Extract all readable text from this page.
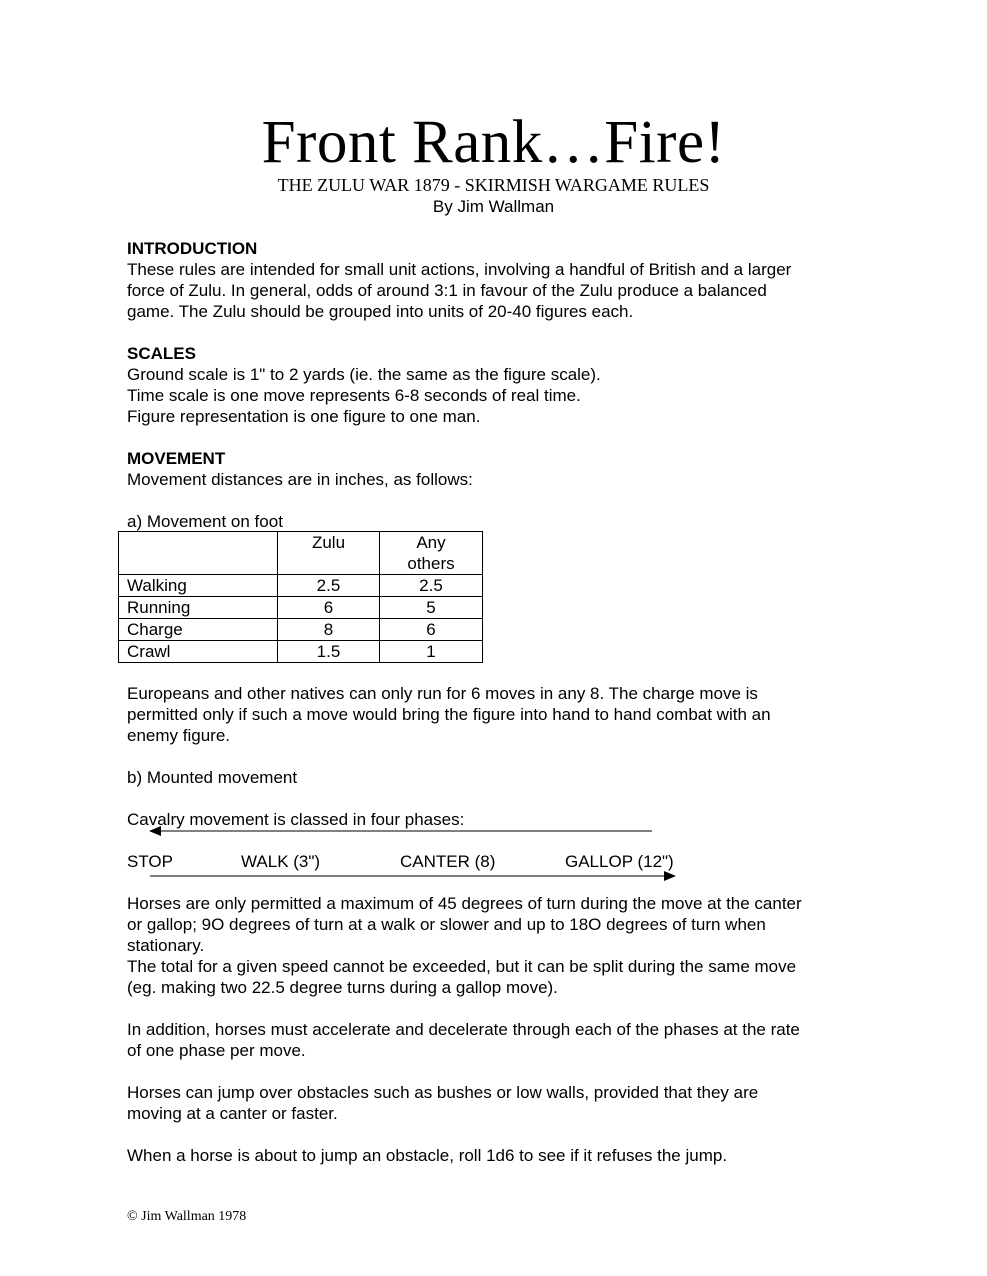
Front Rank…Fire!
THE ZULU WAR 1879 - SKIRMISH WARGAME RULES
By Jim Wallman
INTRODUCTION
These rules are intended for small unit actions, involving a handful of British and a larger
force of Zulu. In general, odds of around 3:1 in favour of the Zulu produce a balanced
game. The Zulu should be grouped into units of 20-40 figures each.
SCALES
Ground scale is 1" to 2 yards (ie. the same as the figure scale).
Time scale is one move represents 6-8 seconds of real time.
Figure representation is one figure to one man.
MOVEMENT
Movement distances are in inches, as follows:
a) Movement on foot
	Zulu	Any others

Walking	2.5	2.5
Running	6	5
Charge	8	6
Crawl	1.5	1
Europeans and other natives can only run for 6 moves in any 8. The charge move is
permitted only if such a move would bring the figure into hand to hand combat with an
enemy figure.
b) Mounted movement
Cavalry movement is classed in four phases:
STOP	WALK (3")	CANTER (8)	GALLOP (12")
Horses are only permitted a maximum of 45 degrees of turn during the move at the canter
or gallop; 9O degrees of turn at a walk or slower and up to 18O degrees of turn when
stationary.
The total for a given speed cannot be exceeded, but it can be split during the same move
(eg. making two 22.5 degree turns during a gallop move).
In addition, horses must accelerate and decelerate through each of the phases at the rate
of one phase per move.
Horses can jump over obstacles such as bushes or low walls, provided that they are
moving at a canter or faster.
When a horse is about to jump an obstacle, roll 1d6 to see if it refuses the jump.
© Jim Wallman 1978
